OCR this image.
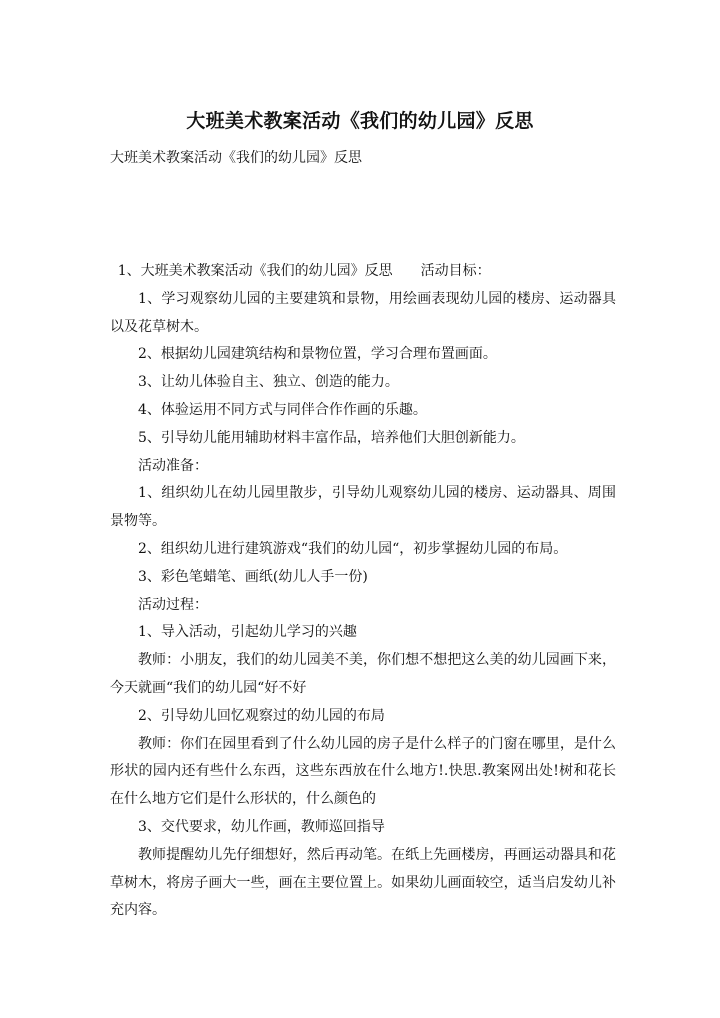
大班美术教案活动《我们的幼儿园》反思

大班美术教案活动《我们的幼儿园》反思

1、大班美术教案活动《我们的幼儿园》反思　　活动目标：

1、学习观察幼儿园的主要建筑和景物，用绘画表现幼儿园的楼房、运动器具以及花草树木。

2、根据幼儿园建筑结构和景物位置，学习合理布置画面。

3、让幼儿体验自主、独立、创造的能力。

4、体验运用不同方式与同伴合作作画的乐趣。

5、引导幼儿能用辅助材料丰富作品，培养他们大胆创新能力。

活动准备：

1、组织幼儿在幼儿园里散步，引导幼儿观察幼儿园的楼房、运动器具、周围景物等。

2、组织幼儿进行建筑游戏“我们的幼儿园“，初步掌握幼儿园的布局。

3、彩色笔蜡笔、画纸(幼儿人手一份)

活动过程：

1、导入活动，引起幼儿学习的兴趣

教师：小朋友，我们的幼儿园美不美，你们想不想把这么美的幼儿园画下来，今天就画“我们的幼儿园“好不好

2、引导幼儿回忆观察过的幼儿园的布局

教师：你们在园里看到了什么幼儿园的房子是什么样子的门窗在哪里，是什么形状的园内还有些什么东西，这些东西放在什么地方!.快思.教案网出处!树和花长在什么地方它们是什么形状的，什么颜色的

3、交代要求，幼儿作画，教师巡回指导

教师提醒幼儿先仔细想好，然后再动笔。在纸上先画楼房，再画运动器具和花草树木，将房子画大一些，画在主要位置上。如果幼儿画面较空，适当启发幼儿补充内容。
